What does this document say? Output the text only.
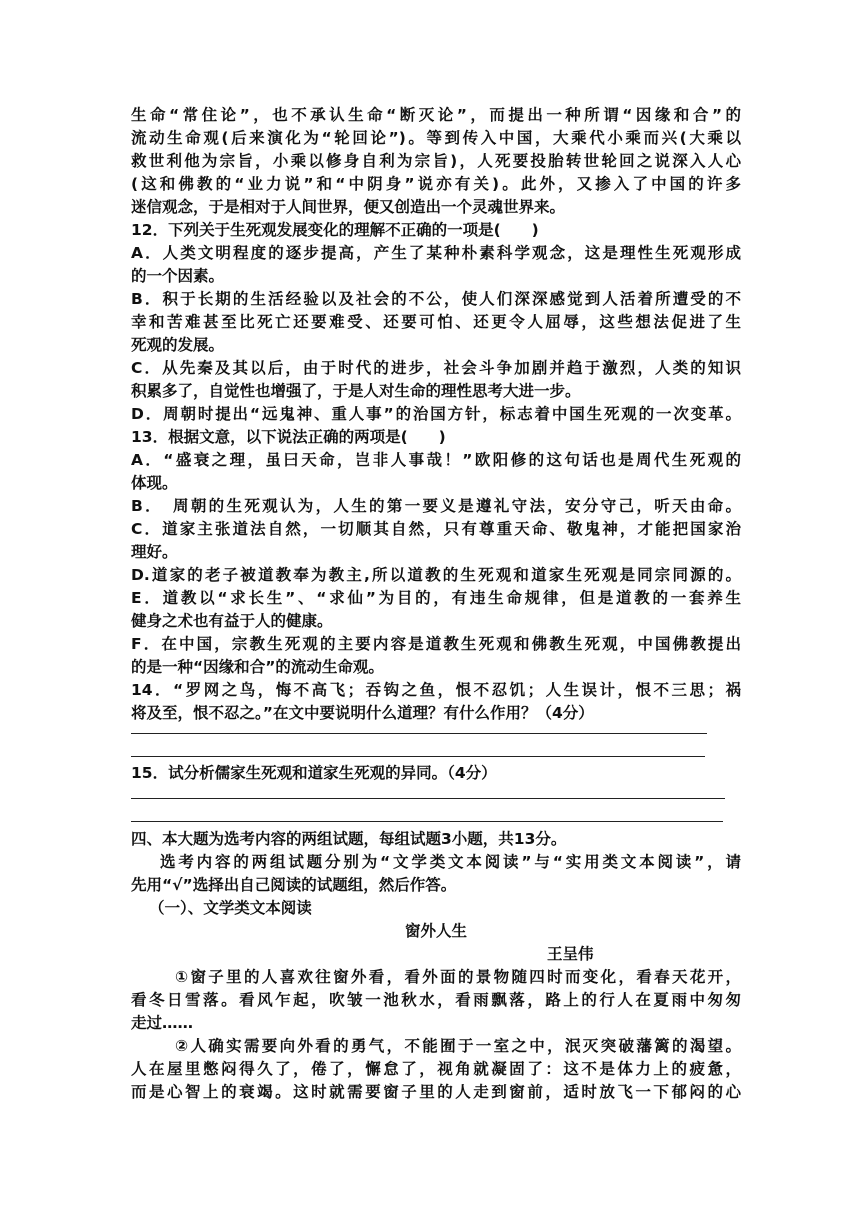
生命“常住论”，也不承认生命“断灭论”，而提出一种所谓“因缘和合”的

流动生命观(后来演化为“轮回论”)。等到传入中国，大乘代小乘而兴(大乘以

救世利他为宗旨，小乘以修身自利为宗旨)，人死要投胎转世轮回之说深入人心

(这和佛教的“业力说”和“中阴身”说亦有关)。此外，又掺入了中国的许多

迷信观念，于是相对于人间世界，便又创造出一个灵魂世界来。

12．下列关于生死观发展变化的理解不正确的一项是(　　)

A．人类文明程度的逐步提高，产生了某种朴素科学观念，这是理性生死观形成

的一个因素。

B．积于长期的生活经验以及社会的不公，使人们深深感觉到人活着所遭受的不

幸和苦难甚至比死亡还要难受、还要可怕、还更令人屈辱，这些想法促进了生

死观的发展。

C．从先秦及其以后，由于时代的进步，社会斗争加剧并趋于激烈，人类的知识

积累多了，自觉性也增强了，于是人对生命的理性思考大进一步。

D．周朝时提出“远鬼神、重人事”的治国方针，标志着中国生死观的一次变革。

13．根据文意，以下说法正确的两项是(　　)

A．“盛衰之理，虽曰天命，岂非人事哉！”欧阳修的这句话也是周代生死观的

体现。

B．　周朝的生死观认为，人生的第一要义是遵礼守法，安分守己，听天由命。

C．道家主张道法自然，一切顺其自然，只有尊重天命、敬鬼神，才能把国家治

理好。

D.道家的老子被道教奉为教主,所以道教的生死观和道家生死观是同宗同源的。

E．道教以“求长生”、“求仙”为目的，有违生命规律，但是道教的一套养生

健身之术也有益于人的健康。

F．在中国，宗教生死观的主要内容是道教生死观和佛教生死观，中国佛教提出

的是一种“因缘和合”的流动生命观。

14．“罗网之鸟，悔不高飞；吞钩之鱼，恨不忍饥；人生误计，恨不三思；祸

将及至，恨不忍之。”在文中要说明什么道理？有什么作用？（4分）

15．试分析儒家生死观和道家生死观的异同。（4分）

四、本大题为选考内容的两组试题，每组试题3小题，共13分。

选考内容的两组试题分别为“文学类文本阅读”与“实用类文本阅读”，请

先用“√”选择出自己阅读的试题组，然后作答。

（一）、文学类文本阅读

窗外人生

王呈伟

①窗子里的人喜欢往窗外看，看外面的景物随四时而变化，看春天花开，

看冬日雪落。看风乍起，吹皱一池秋水，看雨飘落，路上的行人在夏雨中匆匆

走过……

②人确实需要向外看的勇气，不能囿于一室之中，泯灭突破藩篱的渴望。

人在屋里憋闷得久了，倦了，懈怠了，视角就凝固了：这不是体力上的疲惫，

而是心智上的衰竭。这时就需要窗子里的人走到窗前，适时放飞一下郁闷的心
